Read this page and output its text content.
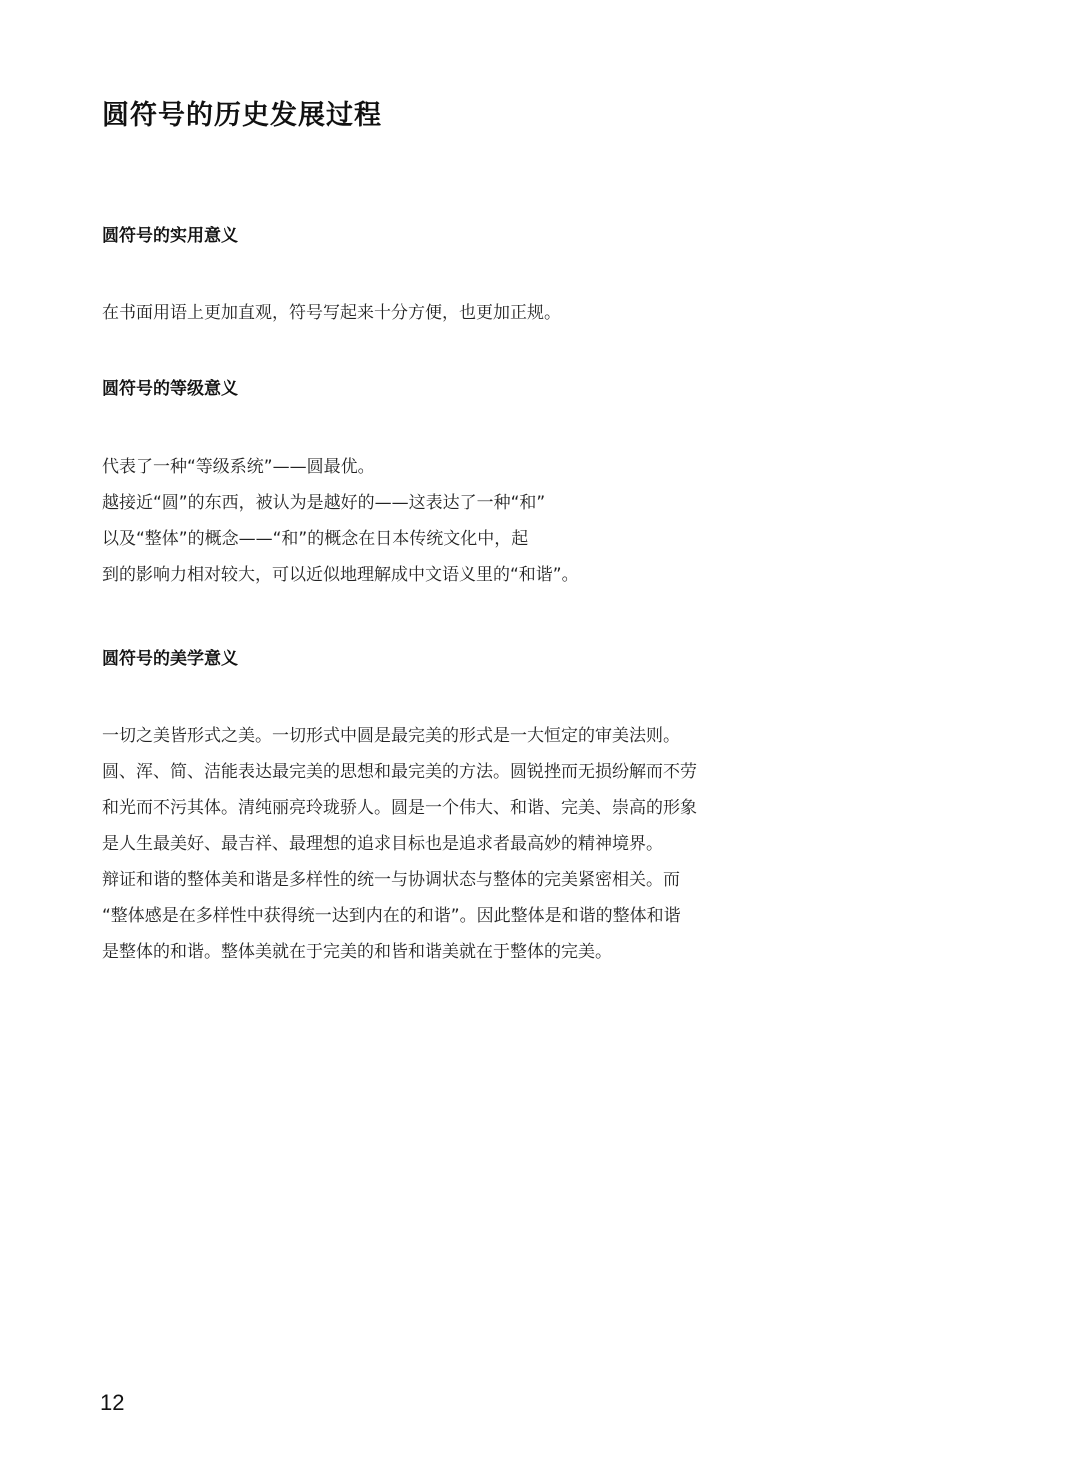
圆符号的历史发展过程
圆符号的实用意义

在书面用语上更加直观，符号写起来十分方便，也更加正规。

圆符号的等级意义

代表了一种“等级系统”——圆最优。
越接近“圆”的东西，被认为是越好的——这表达了一种“和”
以及“整体”的概念——“和”的概念在日本传统文化中，起
到的影响力相对较大，可以近似地理解成中文语义里的“和谐”。

圆符号的美学意义

一切之美皆形式之美。一切形式中圆是最完美的形式是一大恒定的审美法则。
圆、浑、简、洁能表达最完美的思想和最完美的方法。圆锐挫而无损纷解而不劳
和光而不污其体。清纯丽亮玲珑骄人。圆是一个伟大、和谐、完美、崇高的形象
是人生最美好、最吉祥、最理想的追求目标也是追求者最高妙的精神境界。
辩证和谐的整体美和谐是多样性的统一与协调状态与整体的完美紧密相关。而
“整体感是在多样性中获得统一达到内在的和谐”。因此整体是和谐的整体和谐
是整体的和谐。整体美就在于完美的和皆和谐美就在于整体的完美。

12
